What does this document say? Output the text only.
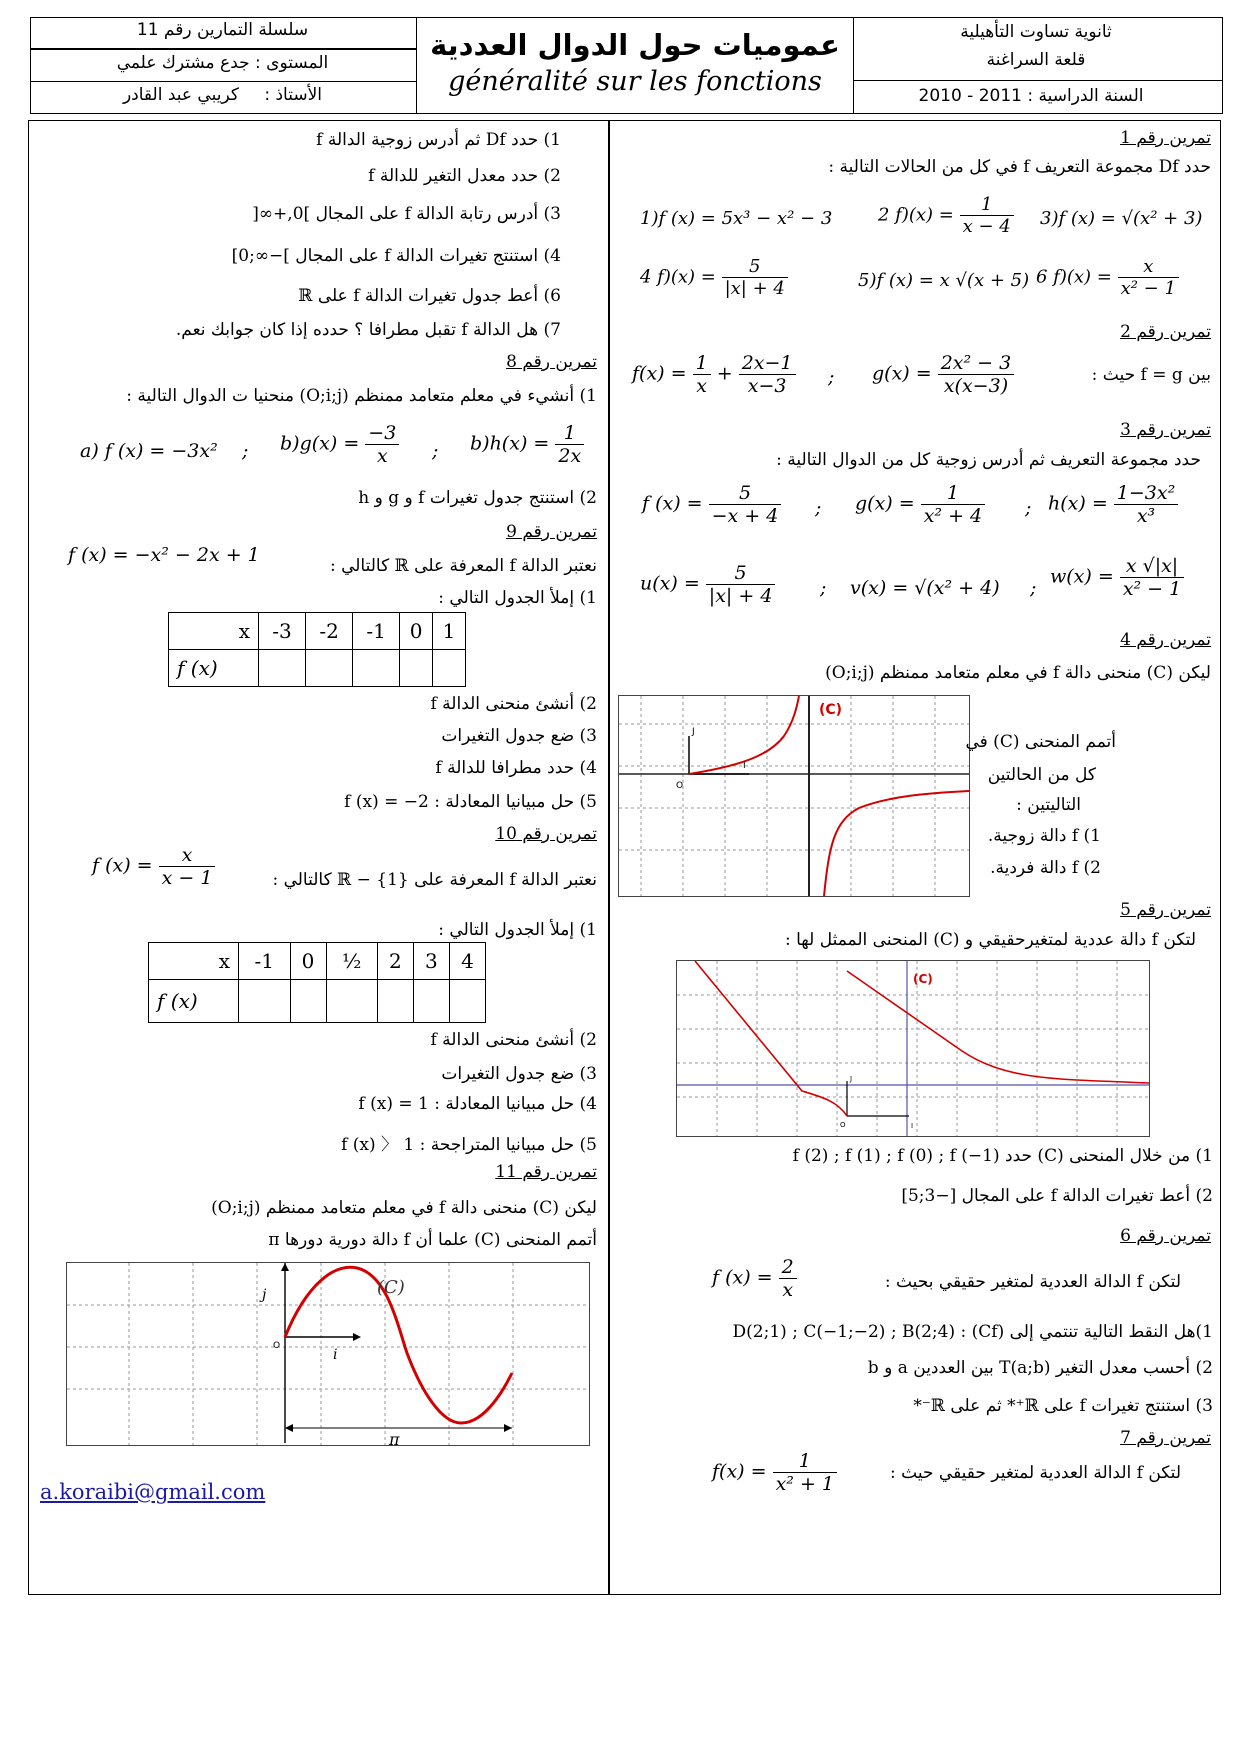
ثانوية تساوت التأهيلية
قلعة السراغنة
السنة الدراسية : 2010 - 2011
عموميات حول الدوال العددية
généralité sur les fonctions
سلسلة التمارين رقم 11
المستوى : جدع مشترك علمي
الأستاذ : كريبي عبد القادر
تمرين رقم 1
حدد Df مجموعة التعريف f في كل من الحالات التالية :
1)f (x) = 5x³ − x² − 3	2 $f)(x) = \frac{1}{x - 4} 3)f$ (x) = √(x² + 3)
4 $f)(x) = \frac{5}{|x| + 4}$	5)f (x) = x √(x + 5) 6 $f)(x) = \frac{x}{\text{x² − 1}}$
تمرين رقم 2
بين f = g حيث :
$f(x) = \frac{1}{x} + \frac{2x-1}{x-3}$ ; $g(x) = \frac{\text{2x² − 3}}{x(x-3)}$
تمرين رقم 3
حدد مجموعة التعريف ثم أدرس زوجية كل من الدوال التالية :
f $(x) = \frac{5}{-x + 4}$ ; $g(x) = \frac{1}{\text{x² + 4}}$ ; $h(x) = \frac{\text{1−3x²}}{\text{x³}}$
$u(x) = \frac{5}{|x| + 4}$ ; v(x) = √(x² + 4) ;
$w(x) = \frac{x √|x|}{\text{x² − 1}}$
تمرين رقم 4
ليكن (C) منحنى دالة f في معلم متعامد ممنظم (O;i;j)
(C)
J
I
O
أتمم المنحنى (C) في
كل من الحالتين
التاليتين :
1) f دالة زوجية.
2) f دالة فردية.
تمرين رقم 5
لتكن f دالة عددية لمتغيرحقيقي و (C) المنحنى الممثل لها :
(C)
J
I
O
1) من خلال المنحنى (C) حدد f (2) ; f (1) ; f (0) ; f (−1)
2) أعط تغيرات الدالة f على المجال [−3;5]
تمرين رقم 6
لتكن f الدالة العددية لمتغير حقيقي بحيث :
f $(x) = \frac{2}{x}$
1)هل النقط التالية تنتمي إلى (Cf) : D(2;1) ; C(−1;−2) ; B(2;4)
2) أحسب معدل التغير T(a;b) بين العددين a و b
3) استنتج تغيرات f على ℝ⁺* ثم على ℝ⁻*
تمرين رقم 7
لتكن f الدالة العددية لمتغير حقيقي حيث :
$f(x) = \frac{1}{\text{x² + 1}}$
1) حدد Df ثم أدرس زوجية الدالة f
2) حدد معدل التغير للدالة f
3) أدرس رتابة الدالة f على المجال ]0,+∞[
4) استنتج تغيرات الدالة f على المجال ]−∞;0]
6) أعط جدول تغيرات الدالة f على ℝ
7) هل الدالة f تقبل مطرافا ؟ حدده إذا كان جوابك نعم.
تمرين رقم 8
1) أنشيء في معلم متعامد ممنظم (O;i;j) منحنيا ت الدوال التالية :
a) f (x) = −3x² ; $b)g(x) = \frac{-3}{x}$ ; $b)h(x) = \frac{1}{2x}$
2) استنتج جدول تغيرات f و g و h
تمرين رقم 9
نعتبر الدالة f المعرفة على ℝ كالتالي :
f (x) = −x² − 2x + 1
1) إملأ الجدول التالي :
x	-3	-2	-1	0	1
f (x)					
2) أنشئ منحنى الدالة f
3) ضع جدول التغيرات
4) حدد مطرافا للدالة f
5) حل مبيانيا المعادلة : f (x) = −2
تمرين رقم 10
نعتبر الدالة f المعرفة على ℝ − {1} كالتالي :
f $(x) = \frac{x}{x - 1}$
1) إملأ الجدول التالي :
x	-1	0	½	2	3	4
f (x)						
2) أنشئ منحنى الدالة f
3) ضع جدول التغيرات
4) حل مبيانيا المعادلة : f (x) = 1
5) حل مبيانيا المتراجحة : f (x) 〉 1
تمرين رقم 11
ليكن (C) منحنى دالة f في معلم متعامد ممنظم (O;i;j)
أتمم المنحنى (C) علما أن f دالة دورية دورها π
(C)
j
i
O
π
a.koraibi@gmail.com
